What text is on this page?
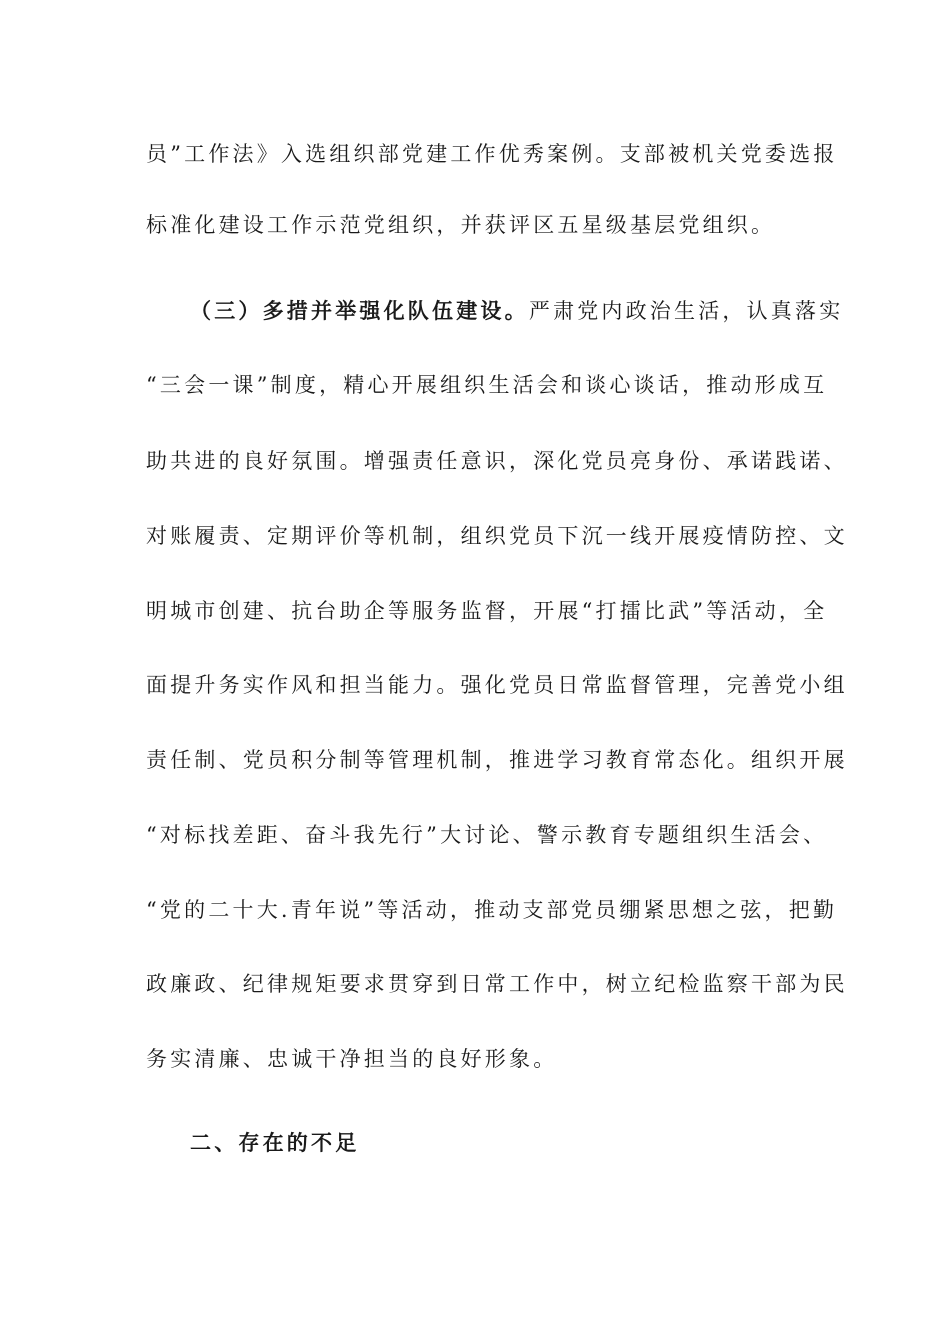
员”工作法》入选组织部党建工作优秀案例。支部被机关党委选报
标准化建设工作示范党组织，并获评区五星级基层党组织。
（三）多措并举强化队伍建设。严肃党内政治生活，认真落实
“三会一课”制度，精心开展组织生活会和谈心谈话，推动形成互
助共进的良好氛围。增强责任意识，深化党员亮身份、承诺践诺、
对账履责、定期评价等机制，组织党员下沉一线开展疫情防控、文
明城市创建、抗台助企等服务监督，开展“打擂比武”等活动，全
面提升务实作风和担当能力。强化党员日常监督管理，完善党小组
责任制、党员积分制等管理机制，推进学习教育常态化。组织开展
“对标找差距、奋斗我先行”大讨论、警示教育专题组织生活会、
“党的二十大.青年说”等活动，推动支部党员绷紧思想之弦，把勤
政廉政、纪律规矩要求贯穿到日常工作中，树立纪检监察干部为民
务实清廉、忠诚干净担当的良好形象。
二、存在的不足
